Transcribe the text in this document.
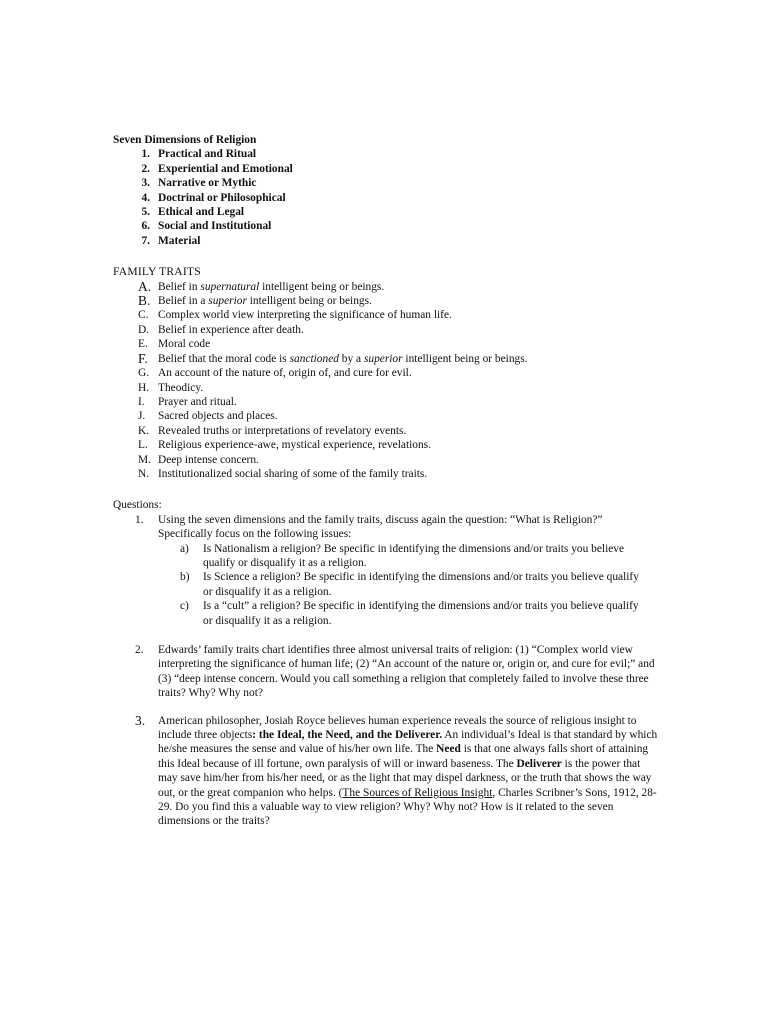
Seven Dimensions of Religion
1. Practical and Ritual
2. Experiential and Emotional
3. Narrative or Mythic
4. Doctrinal or Philosophical
5. Ethical and Legal
6. Social and Institutional
7. Material
FAMILY TRAITS
A. Belief in supernatural intelligent being or beings.
B. Belief in a superior intelligent being or beings.
C. Complex world view interpreting the significance of human life.
D. Belief in experience after death.
E. Moral code
F. Belief that the moral code is sanctioned by a superior intelligent being or beings.
G. An account of the nature of, origin of, and cure for evil.
H. Theodicy.
I.	Prayer and ritual.
J.	Sacred objects and places.
K. Revealed truths or interpretations of revelatory events.
L. Religious experience-awe, mystical experience, revelations.
M. Deep intense concern.
N. Institutionalized social sharing of some of the family traits.
Questions:
1.	Using the seven dimensions and the family traits, discuss again the question: “What is Religion?” Specifically focus on the following issues:
a)	Is Nationalism a religion? Be specific in identifying the dimensions and/or traits you believe qualify or disqualify it as a religion.
b)	Is Science a religion? Be specific in identifying the dimensions and/or traits you believe qualify or disqualify it as a religion.
c)	Is a “cult” a religion? Be specific in identifying the dimensions and/or traits you believe qualify or disqualify it as a religion.
2.	Edwards’ family traits chart identifies three almost universal traits of religion: (1) “Complex world view interpreting the significance of human life; (2) “An account of the nature or, origin or, and cure for evil;” and (3) “deep intense concern. Would you call something a religion that completely failed to involve these three traits? Why? Why not?
3.	American philosopher, Josiah Royce believes human experience reveals the source of religious insight to include three objects: the Ideal, the Need, and the Deliverer. An individual’s Ideal is that standard by which he/she measures the sense and value of his/her own life. The Need is that one always falls short of attaining this Ideal because of ill fortune, own paralysis of will or inward baseness. The Deliverer is the power that may save him/her from his/her need, or as the light that may dispel darkness, or the truth that shows the way out, or the great companion who helps. (The Sources of Religious Insight, Charles Scribner’s Sons, 1912, 28-29. Do you find this a valuable way to view religion? Why? Why not? How is it related to the seven dimensions or the traits?
